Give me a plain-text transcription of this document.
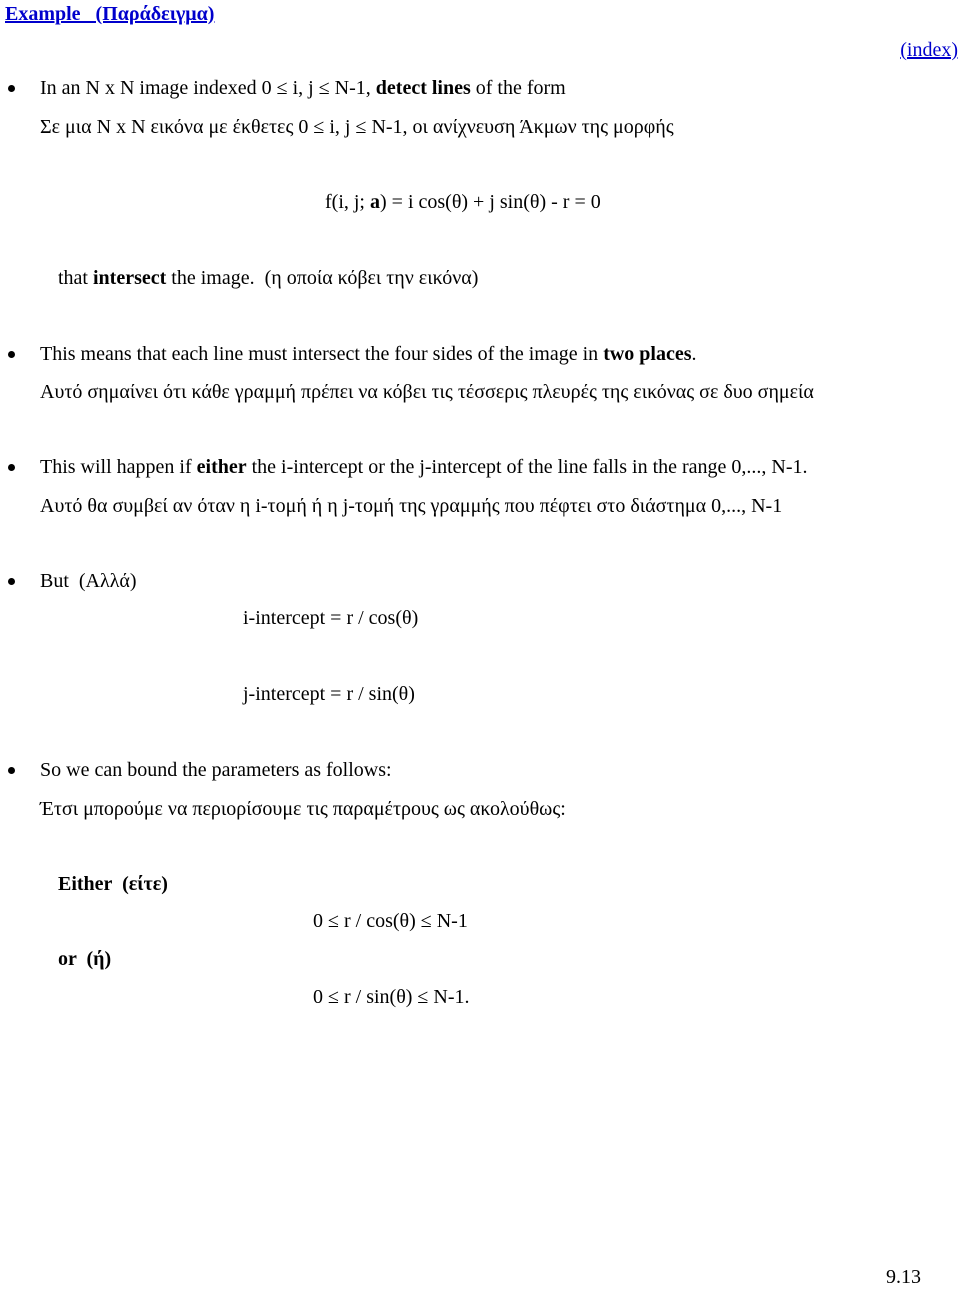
Example   (Παράδειγμα)
(index)
In an N x N image indexed 0 ≤ i, j ≤ N-1, detect lines of the form
Σε μια N x N εικόνα με έκθετες 0 ≤ i, j ≤ N-1, οι ανίχνευση Άκμων της μορφής
f(i, j; a) = i cos(θ) + j sin(θ) - r = 0
that intersect the image.  (η οποία κόβει την εικόνα)
This means that each line must intersect the four sides of the image in two places.
Αυτό σημαίνει ότι κάθε γραμμή πρέπει να κόβει τις τέσσερις πλευρές της εικόνας σε δυο σημεία
This will happen if either the i-intercept or the j-intercept of the line falls in the range 0,..., N-1.
Αυτό θα συμβεί αν όταν η i-τομή ή η j-τομή της γραμμής που πέφτει στο διάστημα 0,..., N-1
But  (Αλλά)
i-intercept = r / cos(θ)
j-intercept = r / sin(θ)
So we can bound the parameters as follows:
Έτσι μπορούμε να περιορίσουμε τις παραμέτρους ως ακολούθως:
Either  (είτε)
0 ≤ r / cos(θ) ≤ N-1
or  (ή)
0 ≤ r / sin(θ) ≤ N-1.
9.13
